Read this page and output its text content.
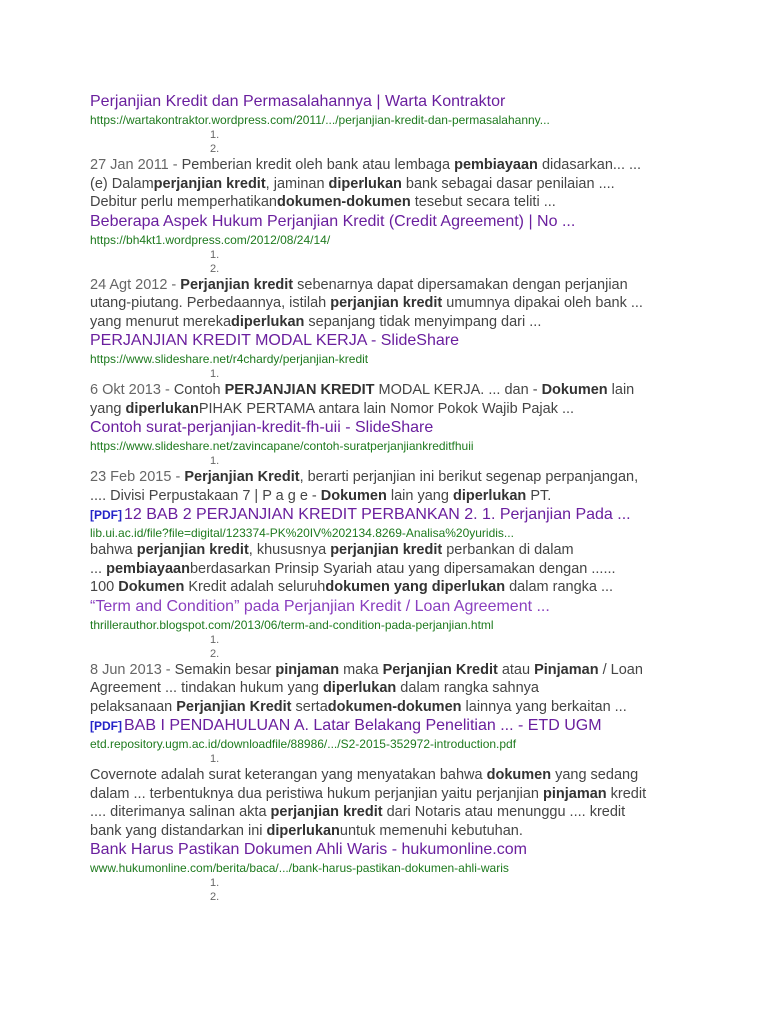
Perjanjian Kredit dan Permasalahannya | Warta Kontraktor
https://wartakontraktor.wordpress.com/2011/.../perjanjian-kredit-dan-permasalahanny...
1.
2.
27 Jan 2011 - Pemberian kredit oleh bank atau lembaga pembiayaan didasarkan... ...
(e) Dalamperjanjian kredit, jaminan diperlukan bank sebagai dasar penilaian ....
Debitur perlu memperhatikandokumen-dokumen tesebut secara teliti ...
Beberapa Aspek Hukum Perjanjian Kredit (Credit Agreement) | No ...
https://bh4kt1.wordpress.com/2012/08/24/14/
1.
2.
24 Agt 2012 - Perjanjian kredit sebenarnya dapat dipersamakan dengan perjanjian
utang-piutang. Perbedaannya, istilah perjanjian kredit umumnya dipakai oleh bank ...
yang menurut merekadiperlukan sepanjang tidak menyimpang dari ...
PERJANJIAN KREDIT MODAL KERJA - SlideShare
https://www.slideshare.net/r4chardy/perjanjian-kredit
1.
6 Okt 2013 - Contoh PERJANJIAN KREDIT MODAL KERJA. ... dan - Dokumen lain
yang diperlukanPIHAK PERTAMA antara lain Nomor Pokok Wajib Pajak ...
Contoh surat-perjanjian-kredit-fh-uii - SlideShare
https://www.slideshare.net/zavincapane/contoh-suratperjanjiankreditfhuii
1.
23 Feb 2015 - Perjanjian Kredit, berarti perjanjian ini berikut segenap perpanjangan,
.... Divisi Perpustakaan 7 | P a g e - Dokumen lain yang diperlukan PT.
[PDF] 12 BAB 2 PERJANJIAN KREDIT PERBANKAN 2. 1. Perjanjian Pada ...
lib.ui.ac.id/file?file=digital/123374-PK%20IV%202134.8269-Analisa%20yuridis...
bahwa perjanjian kredit, khususnya perjanjian kredit perbankan di dalam
... pembiayaanberdasarkan Prinsip Syariah atau yang dipersamakan dengan ......
100 Dokumen Kredit adalah seluruhdokumen yang diperlukan dalam rangka ...
“Term and Condition” pada Perjanjian Kredit / Loan Agreement ...
thrillerauthor.blogspot.com/2013/06/term-and-condition-pada-perjanjian.html
1.
2.
8 Jun 2013 - Semakin besar pinjaman maka Perjanjian Kredit atau Pinjaman / Loan
Agreement ... tindakan hukum yang diperlukan dalam rangka sahnya
pelaksanaan Perjanjian Kredit sertadokumen-dokumen lainnya yang berkaitan ...
[PDF] BAB I PENDAHULUAN A. Latar Belakang Penelitian ... - ETD UGM
etd.repository.ugm.ac.id/downloadfile/88986/.../S2-2015-352972-introduction.pdf
1.
Covernote adalah surat keterangan yang menyatakan bahwa dokumen yang sedang
dalam ... terbentuknya dua peristiwa hukum perjanjian yaitu perjanjian pinjaman kredit
.... diterimanya salinan akta perjanjian kredit dari Notaris atau menunggu .... kredit
bank yang distandarkan ini diperlukanuntuk memenuhi kebutuhan.
Bank Harus Pastikan Dokumen Ahli Waris - hukumonline.com
www.hukumonline.com/berita/baca/.../bank-harus-pastikan-dokumen-ahli-waris
1.
2.
